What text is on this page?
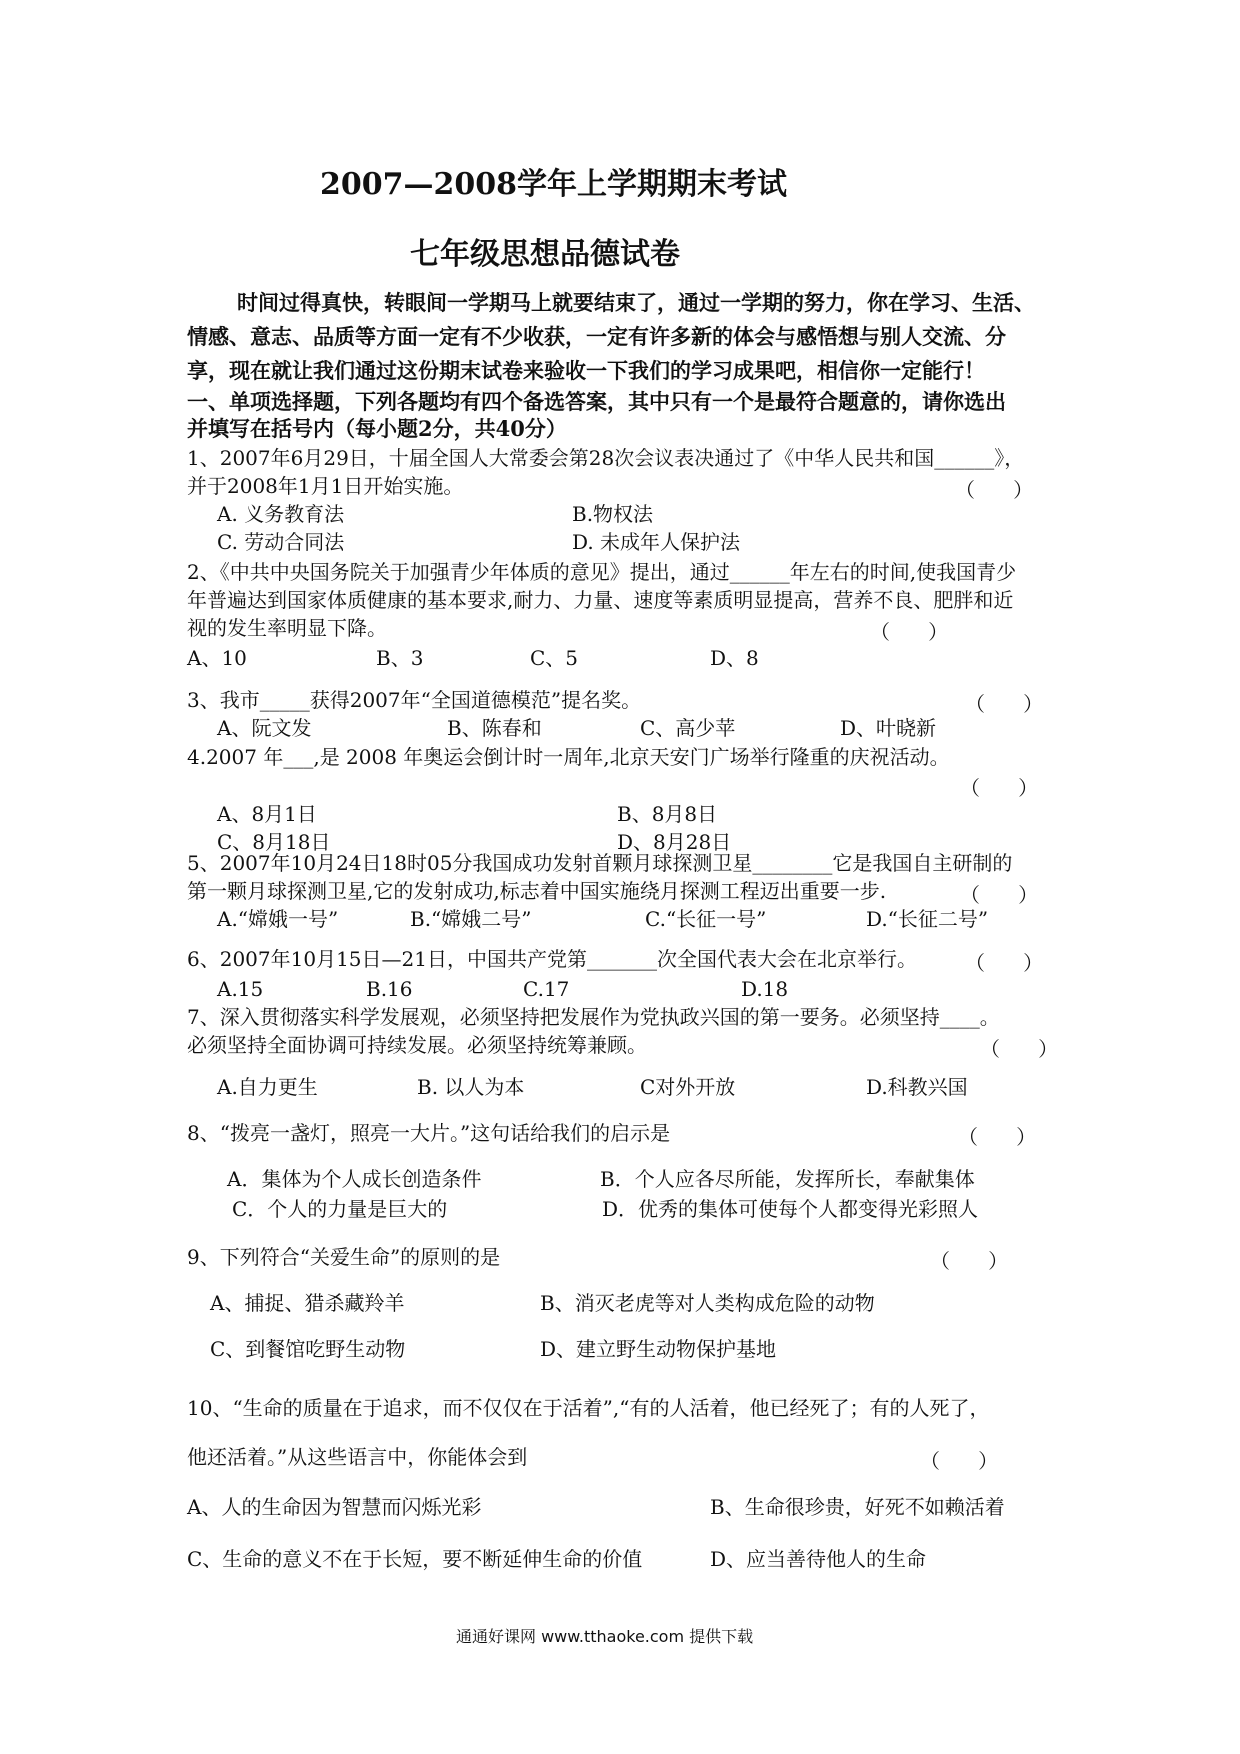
2007—2008学年上学期期末考试
七年级思想品德试卷
时间过得真快，转眼间一学期马上就要结束了，通过一学期的努力，你在学习、生活、
情感、意志、品质等方面一定有不少收获，一定有许多新的体会与感悟想与别人交流、分
享，现在就让我们通过这份期末试卷来验收一下我们的学习成果吧，相信你一定能行！
一、单项选择题，下列各题均有四个备选答案，其中只有一个是最符合题意的，请你选出
并填写在括号内（每小题2分，共40分）
1、2007年6月29日，十届全国人大常委会第28次会议表决通过了《中华人民共和国______》，
并于2008年1月1日开始实施。	（      ）
A. 义务教育法	B.物权法
C. 劳动合同法	D. 未成年人保护法
2、《中共中央国务院关于加强青少年体质的意见》提出，通过______年左右的时间,使我国青少
年普遍达到国家体质健康的基本要求,耐力、力量、速度等素质明显提高，营养不良、肥胖和近
视的发生率明显下降。	（      ）
A、10	B、3	C、5	D、8
3、我市_____获得2007年“全国道德模范”提名奖。	（      ）
A、阮文发	B、陈春和	C、高少苹	D、叶晓新
4.2007 年___,是 2008 年奥运会倒计时一周年,北京天安门广场举行隆重的庆祝活动。
（      ）
A、8月1日	B、8月8日
C、8月18日	D、8月28日
5、2007年10月24日18时05分我国成功发射首颗月球探测卫星________它是我国自主研制的
第一颗月球探测卫星,它的发射成功,标志着中国实施绕月探测工程迈出重要一步.	（      ）
A.“嫦娥一号”	B.“嫦娥二号”	C.“长征一号”	D.“长征二号”
6、2007年10月15日—21日，中国共产党第_______次全国代表大会在北京举行。 （      ）
A.15	B.16	C.17	D.18
7、深入贯彻落实科学发展观，必须坚持把发展作为党执政兴国的第一要务。必须坚持____。
必须坚持全面协调可持续发展。必须坚持统筹兼顾。	（      ）
A.自力更生	B. 以人为本	C对外开放	D.科教兴国
8、“拨亮一盏灯，照亮一大片。”这句话给我们的启示是	（      ）
A．集体为个人成长创造条件	B．个人应各尽所能，发挥所长，奉献集体
C．个人的力量是巨大的	D．优秀的集体可使每个人都变得光彩照人
9、下列符合“关爱生命”的原则的是	（      ）
A、捕捉、猎杀藏羚羊	B、消灭老虎等对人类构成危险的动物
C、到餐馆吃野生动物	D、建立野生动物保护基地
10、“生命的质量在于追求，而不仅仅在于活着”,“有的人活着，他已经死了；有的人死了，
他还活着。”从这些语言中，你能体会到	（      ）
A、人的生命因为智慧而闪烁光彩	B、生命很珍贵，好死不如赖活着
C、生命的意义不在于长短，要不断延伸生命的价值	D、应当善待他人的生命
通通好课网 www.tthaoke.com 提供下载
